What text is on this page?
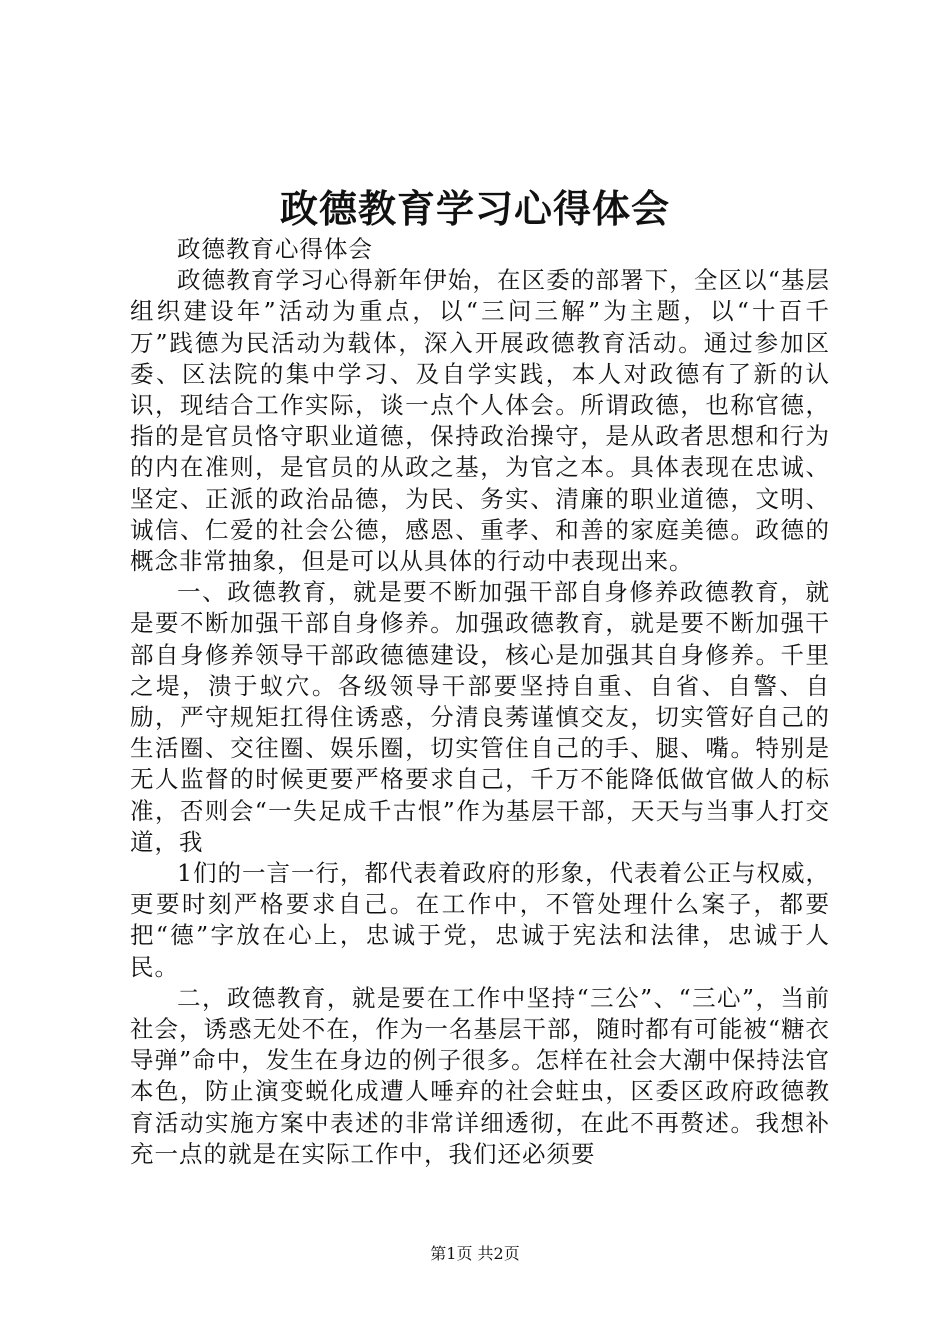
政德教育学习心得体会

政德教育心得体会

政德教育学习心得新年伊始，在区委的部署下，全区以“基层组织建设年”活动为重点，以“三问三解”为主题，以“十百千万”践德为民活动为载体，深入开展政德教育活动。通过参加区委、区法院的集中学习、及自学实践，本人对政德有了新的认识，现结合工作实际，谈一点个人体会。所谓政德，也称官德，指的是官员恪守职业道德，保持政治操守，是从政者思想和行为的内在准则，是官员的从政之基，为官之本。具体表现在忠诚、坚定、正派的政治品德，为民、务实、清廉的职业道德，文明、诚信、仁爱的社会公德，感恩、重孝、和善的家庭美德。政德的概念非常抽象，但是可以从具体的行动中表现出来。

一、政德教育，就是要不断加强干部自身修养政德教育，就是要不断加强干部自身修养。加强政德教育，就是要不断加强干部自身修养领导干部政德德建设，核心是加强其自身修养。千里之堤，溃于蚁穴。各级领导干部要坚持自重、自省、自警、自励，严守规矩扛得住诱惑，分清良莠谨慎交友，切实管好自己的生活圈、交往圈、娱乐圈，切实管住自己的手、腿、嘴。特别是无人监督的时候更要严格要求自己，千万不能降低做官做人的标准，否则会“一失足成千古恨”作为基层干部，天天与当事人打交道，我

1们的一言一行，都代表着政府的形象，代表着公正与权威，更要时刻严格要求自己。在工作中，不管处理什么案子，都要把“德”字放在心上，忠诚于党，忠诚于宪法和法律，忠诚于人民。

二，政德教育，就是要在工作中坚持“三公”、“三心”，当前社会，诱惑无处不在，作为一名基层干部，随时都有可能被“糖衣导弹”命中，发生在身边的例子很多。怎样在社会大潮中保持法官本色，防止演变蜕化成遭人唾弃的社会蛀虫，区委区政府政德教育活动实施方案中表述的非常详细透彻，在此不再赘述。我想补充一点的就是在实际工作中，我们还必须要

第1页 共2页
